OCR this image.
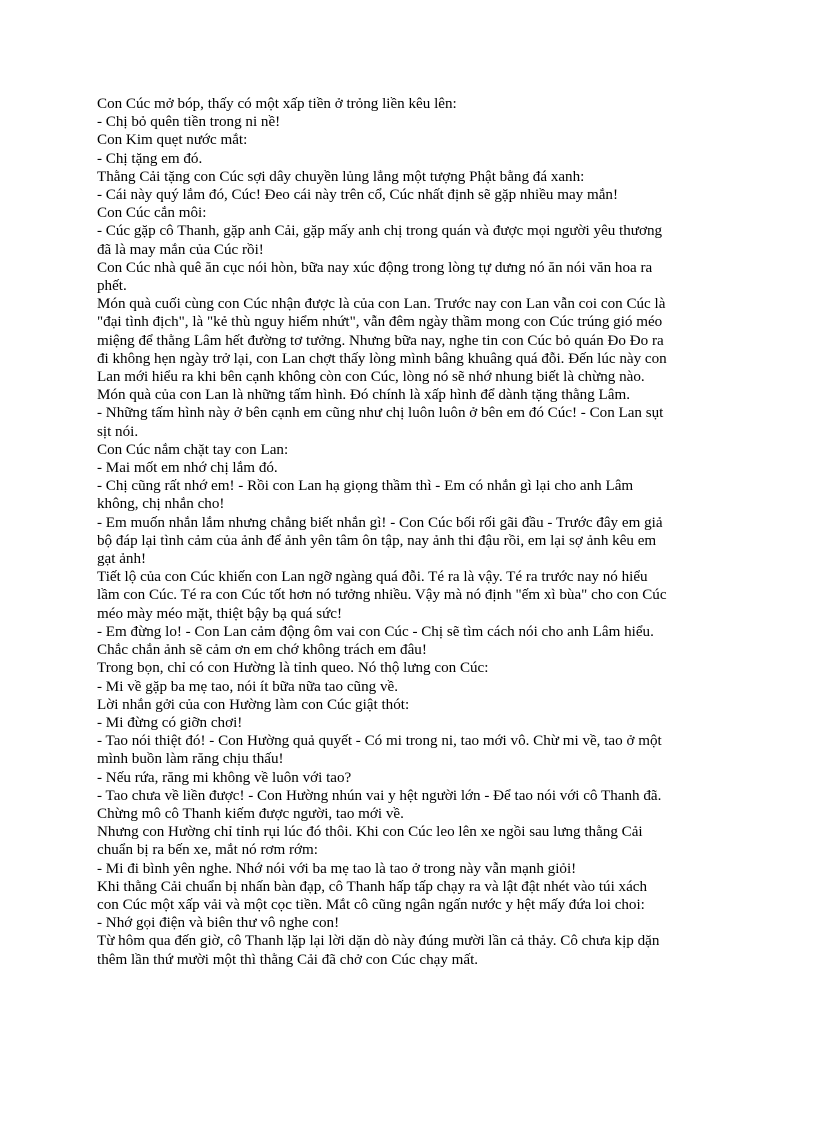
Con Cúc mở bóp, thấy có một xấp tiền ở trỏng liền kêu lên:
- Chị bỏ quên tiền trong ni nề!
Con Kim quẹt nước mắt:
- Chị tặng em đó.
Thằng Cải tặng con Cúc sợi dây chuyền lủng lẳng một tượng Phật bằng đá xanh:
- Cái này quý lắm đó, Cúc! Đeo cái này trên cổ, Cúc nhất định sẽ gặp nhiều may mắn!
Con Cúc cắn môi:
- Cúc gặp cô Thanh, gặp anh Cải, gặp mấy anh chị trong quán và được mọi người yêu thương
đã là may mắn của Cúc rồi!
Con Cúc nhà quê ăn cục nói hòn, bữa nay xúc động trong lòng tự dưng nó ăn nói văn hoa ra
phết.
Món quà cuối cùng con Cúc nhận được là của con Lan. Trước nay con Lan vẫn coi con Cúc là
"đại tình địch", là "kẻ thù nguy hiểm nhứt", vẫn đêm ngày thầm mong con Cúc trúng gió méo
miệng để thằng Lâm hết đường tơ tưởng. Nhưng bữa nay, nghe tin con Cúc bỏ quán Đo Đo ra
đi không hẹn ngày trở lại, con Lan chợt thấy lòng mình bâng khuâng quá đỗi. Đến lúc này con
Lan mới hiểu ra khi bên cạnh không còn con Cúc, lòng nó sẽ nhớ nhung biết là chừng nào.
Món quà của con Lan là những tấm hình. Đó chính là xấp hình để dành tặng thằng Lâm.
- Những tấm hình này ở bên cạnh em cũng như chị luôn luôn ở bên em đó Cúc! - Con Lan sụt
sịt nói.
Con Cúc nắm chặt tay con Lan:
- Mai mốt em nhớ chị lắm đó.
- Chị cũng rất nhớ em! - Rồi con Lan hạ giọng thầm thì - Em có nhắn gì lại cho anh Lâm
không, chị nhắn cho!
- Em muốn nhắn lắm nhưng chẳng biết nhắn gì! - Con Cúc bối rối gãi đầu - Trước đây em giả
bộ đáp lại tình cảm của ảnh để ảnh yên tâm ôn tập, nay ảnh thi đậu rồi, em lại sợ ảnh kêu em
gạt ảnh!
Tiết lộ của con Cúc khiến con Lan ngỡ ngàng quá đỗi. Té ra là vậy. Té ra trước nay nó hiểu
lầm con Cúc. Té ra con Cúc tốt hơn nó tưởng nhiều. Vậy mà nó định "ếm xì bùa" cho con Cúc
méo mày méo mặt, thiệt bậy bạ quá sức!
- Em đừng lo! - Con Lan cảm động ôm vai con Cúc - Chị sẽ tìm cách nói cho anh Lâm hiểu.
Chắc chắn ảnh sẽ cảm ơn em chớ không trách em đâu!
Trong bọn, chỉ có con Hường là tỉnh queo. Nó thộ lưng con Cúc:
- Mi về gặp ba mẹ tao, nói ít bữa nữa tao cũng về.
Lời nhắn gởi của con Hường làm con Cúc giật thót:
- Mi đừng có giỡn chơi!
- Tao nói thiệt đó! - Con Hường quả quyết - Có mi trong ni, tao mới vô. Chừ mi về, tao ở một
mình buồn làm răng chịu thấu!
- Nếu rứa, răng mi không về luôn với tao?
- Tao chưa về liền được! - Con Hường nhún vai y hệt người lớn - Để tao nói với cô Thanh đã.
Chừng mô cô Thanh kiếm được người, tao mới về.
Nhưng con Hường chỉ tỉnh rụi lúc đó thôi. Khi con Cúc leo lên xe ngồi sau lưng thằng Cải
chuẩn bị ra bến xe, mắt nó rơm rớm:
- Mi đi bình yên nghe. Nhớ nói với ba mẹ tao là tao ở trong này vẫn mạnh giỏi!
Khi thằng Cải chuẩn bị nhấn bàn đạp, cô Thanh hấp tấp chạy ra và lật đật nhét vào túi xách
con Cúc một xấp vải và một cọc tiền. Mắt cô cũng ngân ngấn nước y hệt mấy đứa loi choi:
- Nhớ gọi điện và biên thư vô nghe con!
Từ hôm qua đến giờ, cô Thanh lặp lại lời dặn dò này đúng mười lần cả thảy. Cô chưa kịp dặn
thêm lần thứ mười một thì thằng Cải đã chở con Cúc chạy mất.
